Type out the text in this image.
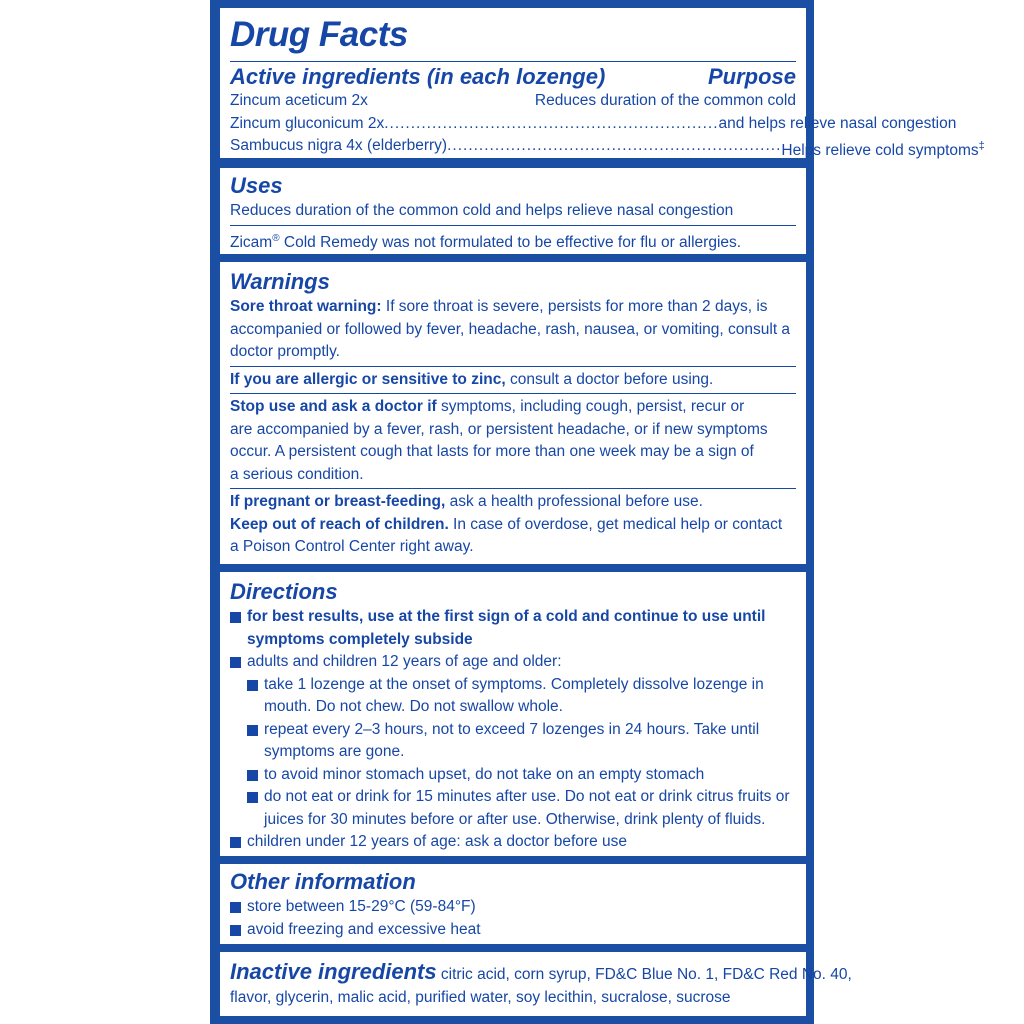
Drug Facts
Active ingredients (in each lozenge)	Purpose
Zincum aceticum 2x	Reduces duration of the common cold
Zincum gluconicum 2x ............................................................... and helps relieve nasal congestion
Sambucus nigra 4x (elderberry) ............................................................... Helps relieve cold symptoms‡
Uses
Reduces duration of the common cold and helps relieve nasal congestion
Zicam® Cold Remedy was not formulated to be effective for flu or allergies.
Warnings
Sore throat warning: If sore throat is severe, persists for more than 2 days, is
accompanied or followed by fever, headache, rash, nausea, or vomiting, consult a
doctor promptly.
If you are allergic or sensitive to zinc, consult a doctor before using.
Stop use and ask a doctor if symptoms, including cough, persist, recur or
are accompanied by a fever, rash, or persistent headache, or if new symptoms
occur. A persistent cough that lasts for more than one week may be a sign of
a serious condition.
If pregnant or breast-feeding, ask a health professional before use.
Keep out of reach of children. In case of overdose, get medical help or contact
a Poison Control Center right away.
Directions
for best results, use at the first sign of a cold and continue to use until
symptoms completely subside
adults and children 12 years of age and older:
take 1 lozenge at the onset of symptoms. Completely dissolve lozenge in
mouth. Do not chew. Do not swallow whole.
repeat every 2–3 hours, not to exceed 7 lozenges in 24 hours. Take until
symptoms are gone.
to avoid minor stomach upset, do not take on an empty stomach
do not eat or drink for 15 minutes after use. Do not eat or drink citrus fruits or
juices for 30 minutes before or after use. Otherwise, drink plenty of fluids.
children under 12 years of age: ask a doctor before use
Other information
store between 15-29°C (59-84°F)
avoid freezing and excessive heat
Inactive ingredients citric acid, corn syrup, FD&C Blue No. 1, FD&C Red No. 40,
flavor, glycerin, malic acid, purified water, soy lecithin, sucralose, sucrose
